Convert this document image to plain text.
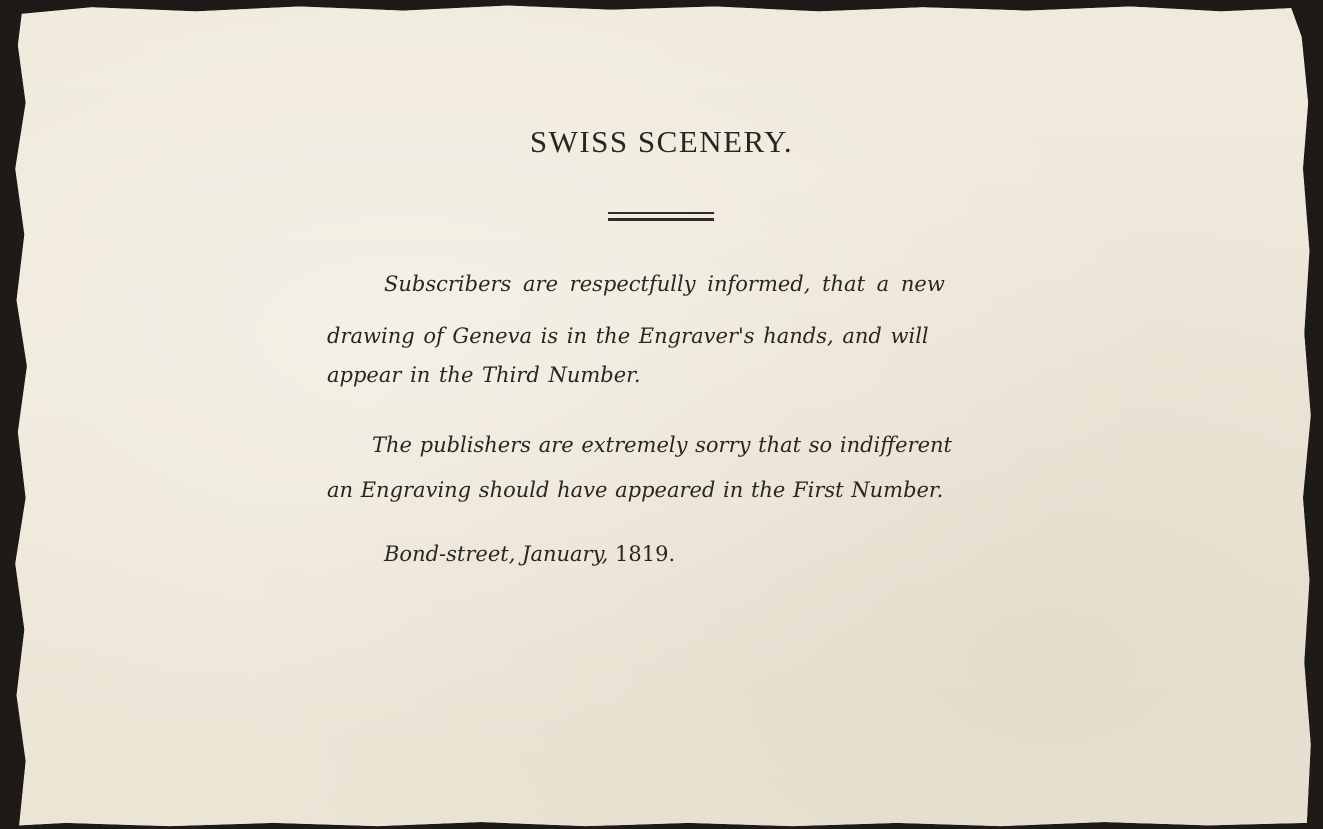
SWISS SCENERY.
Subscribers are respectfully informed, that a new
drawing of Geneva is in the Engraver's hands, and will
appear in the Third Number.
The publishers are extremely sorry that so indifferent
an Engraving should have appeared in the First Number.
Bond-street, January, 1819.
